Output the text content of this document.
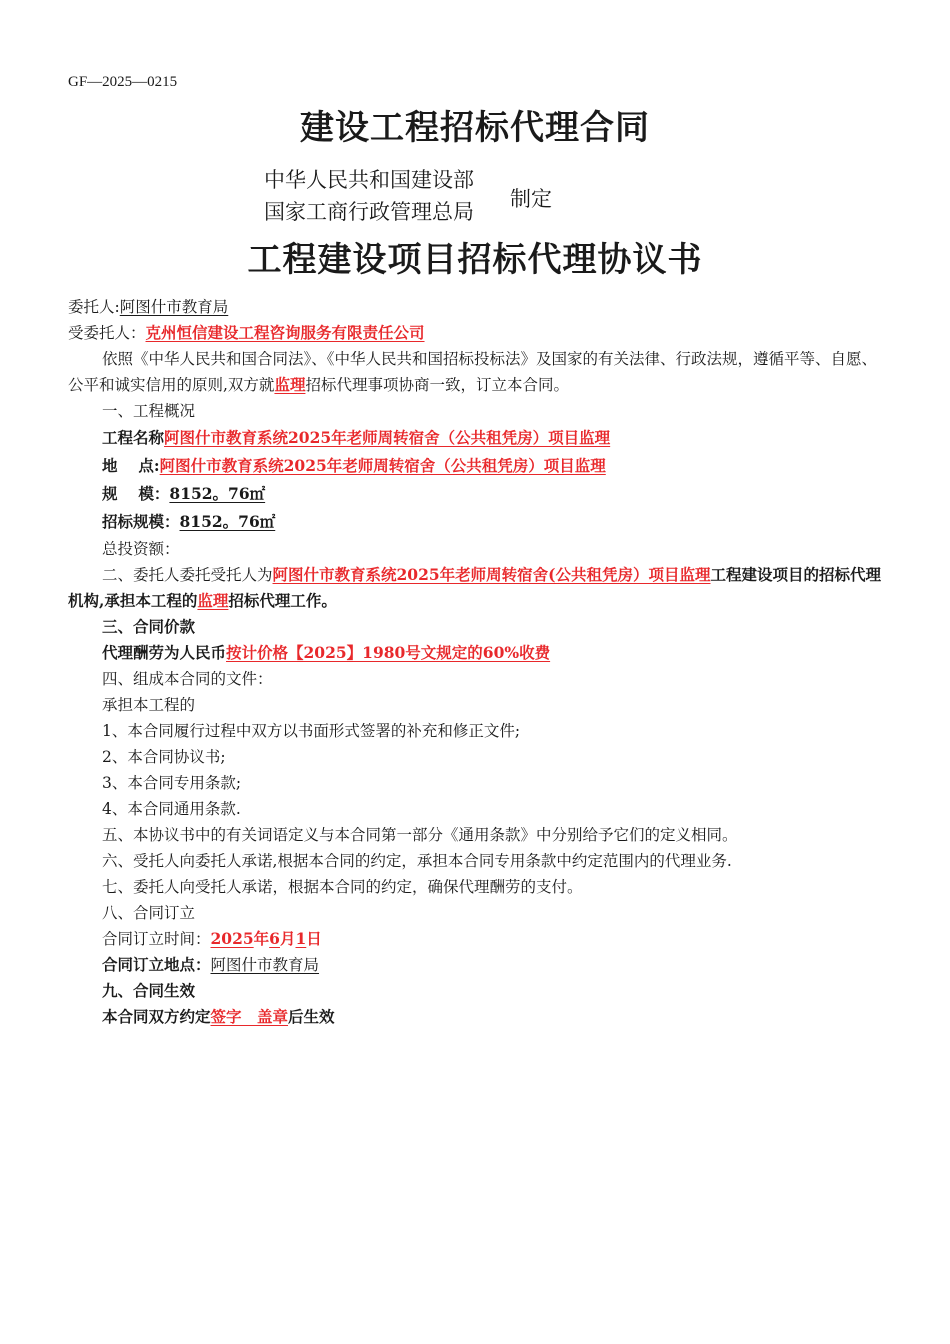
GF—2025—0215
建设工程招标代理合同
中华人民共和国建设部
国家工商行政管理总局
制定
工程建设项目招标代理协议书
委托人:阿图什市教育局
受委托人：克州恒信建设工程咨询服务有限责任公司
依照《中华人民共和国合同法》、《中华人民共和国招标投标法》及国家的有关法律、行政法规，遵循平等、自愿、公平和诚实信用的原则,双方就监理招标代理事项协商一致，订立本合同。
一、工程概况
工程名称阿图什市教育系统2025年老师周转宿舍（公共租凭房）项目监理
地　 点:阿图什市教育系统2025年老师周转宿舍（公共租凭房）项目监理
规　 模：8152。76㎡
招标规模：8152。76㎡
总投资额：
二、委托人委托受托人为阿图什市教育系统2025年老师周转宿舍(公共租凭房）项目监理工程建设项目的招标代理机构,承担本工程的监理招标代理工作。
三、合同价款
代理酬劳为人民币按计价格【2025】1980号文规定的60%收费
四、组成本合同的文件：
承担本工程的
1、本合同履行过程中双方以书面形式签署的补充和修正文件;
2、本合同协议书;
3、本合同专用条款;
4、本合同通用条款.
五、本协议书中的有关词语定义与本合同第一部分《通用条款》中分别给予它们的定义相同。
六、受托人向委托人承诺,根据本合同的约定，承担本合同专用条款中约定范围内的代理业务.
七、委托人向受托人承诺，根据本合同的约定，确保代理酬劳的支付。
八、合同订立
合同订立时间：2025年6月1日
合同订立地点：阿图什市教育局
九、合同生效
本合同双方约定签字　盖章后生效
